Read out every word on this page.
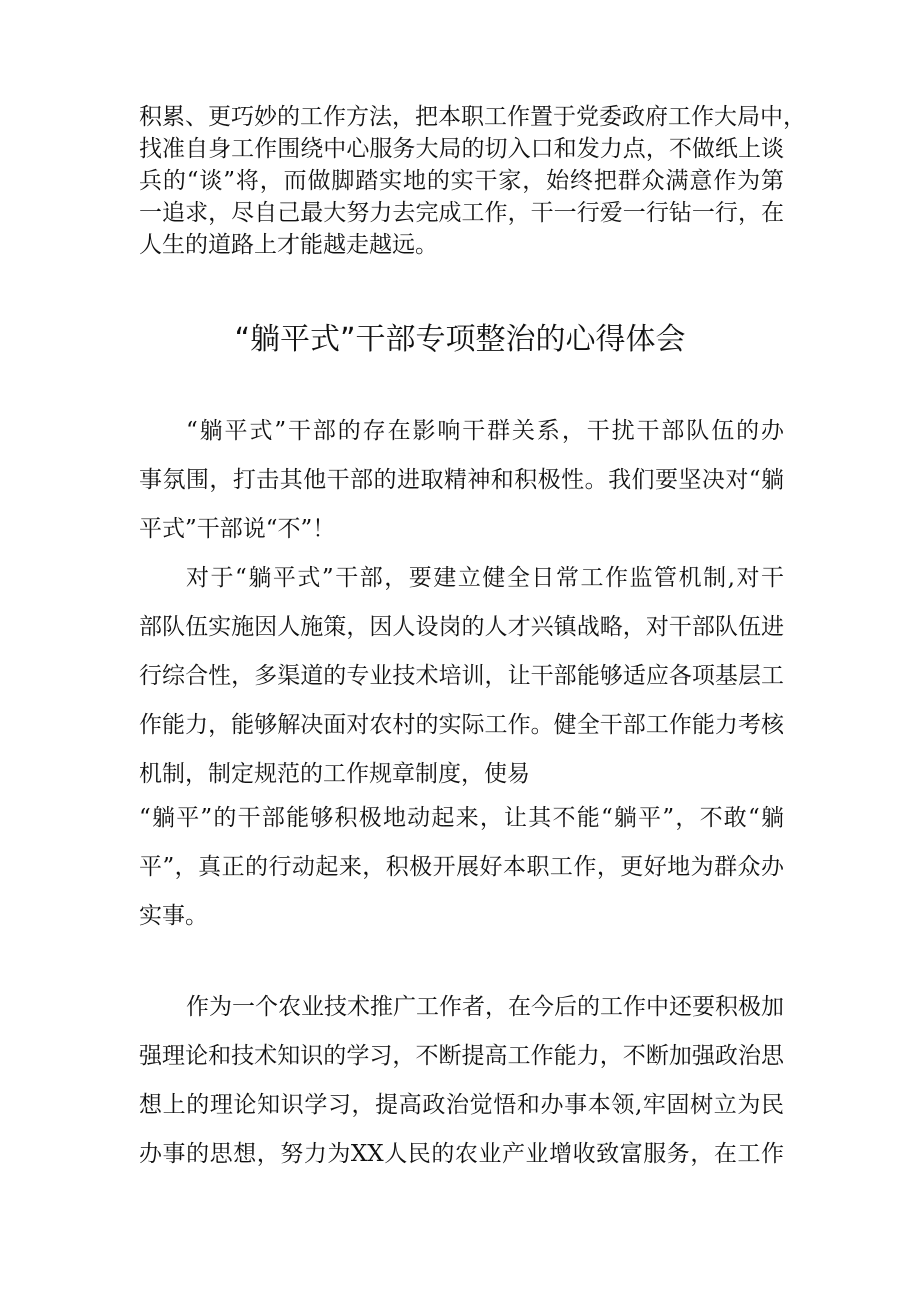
积累、更巧妙的工作方法，把本职工作置于党委政府工作大局中，
找准自身工作围绕中心服务大局的切入口和发力点，不做纸上谈
兵的“谈”将，而做脚踏实地的实干家，始终把群众满意作为第
一追求，尽自己最大努力去完成工作，干一行爱一行钻一行，在
人生的道路上才能越走越远。
“躺平式”干部专项整治的心得体会
“躺平式”干部的存在影响干群关系，干扰干部队伍的办
事氛围，打击其他干部的进取精神和积极性。我们要坚决对“躺
平式”干部说“不”！
对于“躺平式”干部，要建立健全日常工作监管机制,对干
部队伍实施因人施策，因人设岗的人才兴镇战略，对干部队伍进
行综合性，多渠道的专业技术培训，让干部能够适应各项基层工
作能力，能够解决面对农村的实际工作。健全干部工作能力考核
机制，制定规范的工作规章制度，使易
“躺平”的干部能够积极地动起来，让其不能“躺平”，不敢“躺
平”，真正的行动起来，积极开展好本职工作，更好地为群众办
实事。
作为一个农业技术推广工作者，在今后的工作中还要积极加
强理论和技术知识的学习，不断提高工作能力，不断加强政治思
想上的理论知识学习，提高政治觉悟和办事本领,牢固树立为民
办事的思想，努力为XX人民的农业产业增收致富服务，在工作
